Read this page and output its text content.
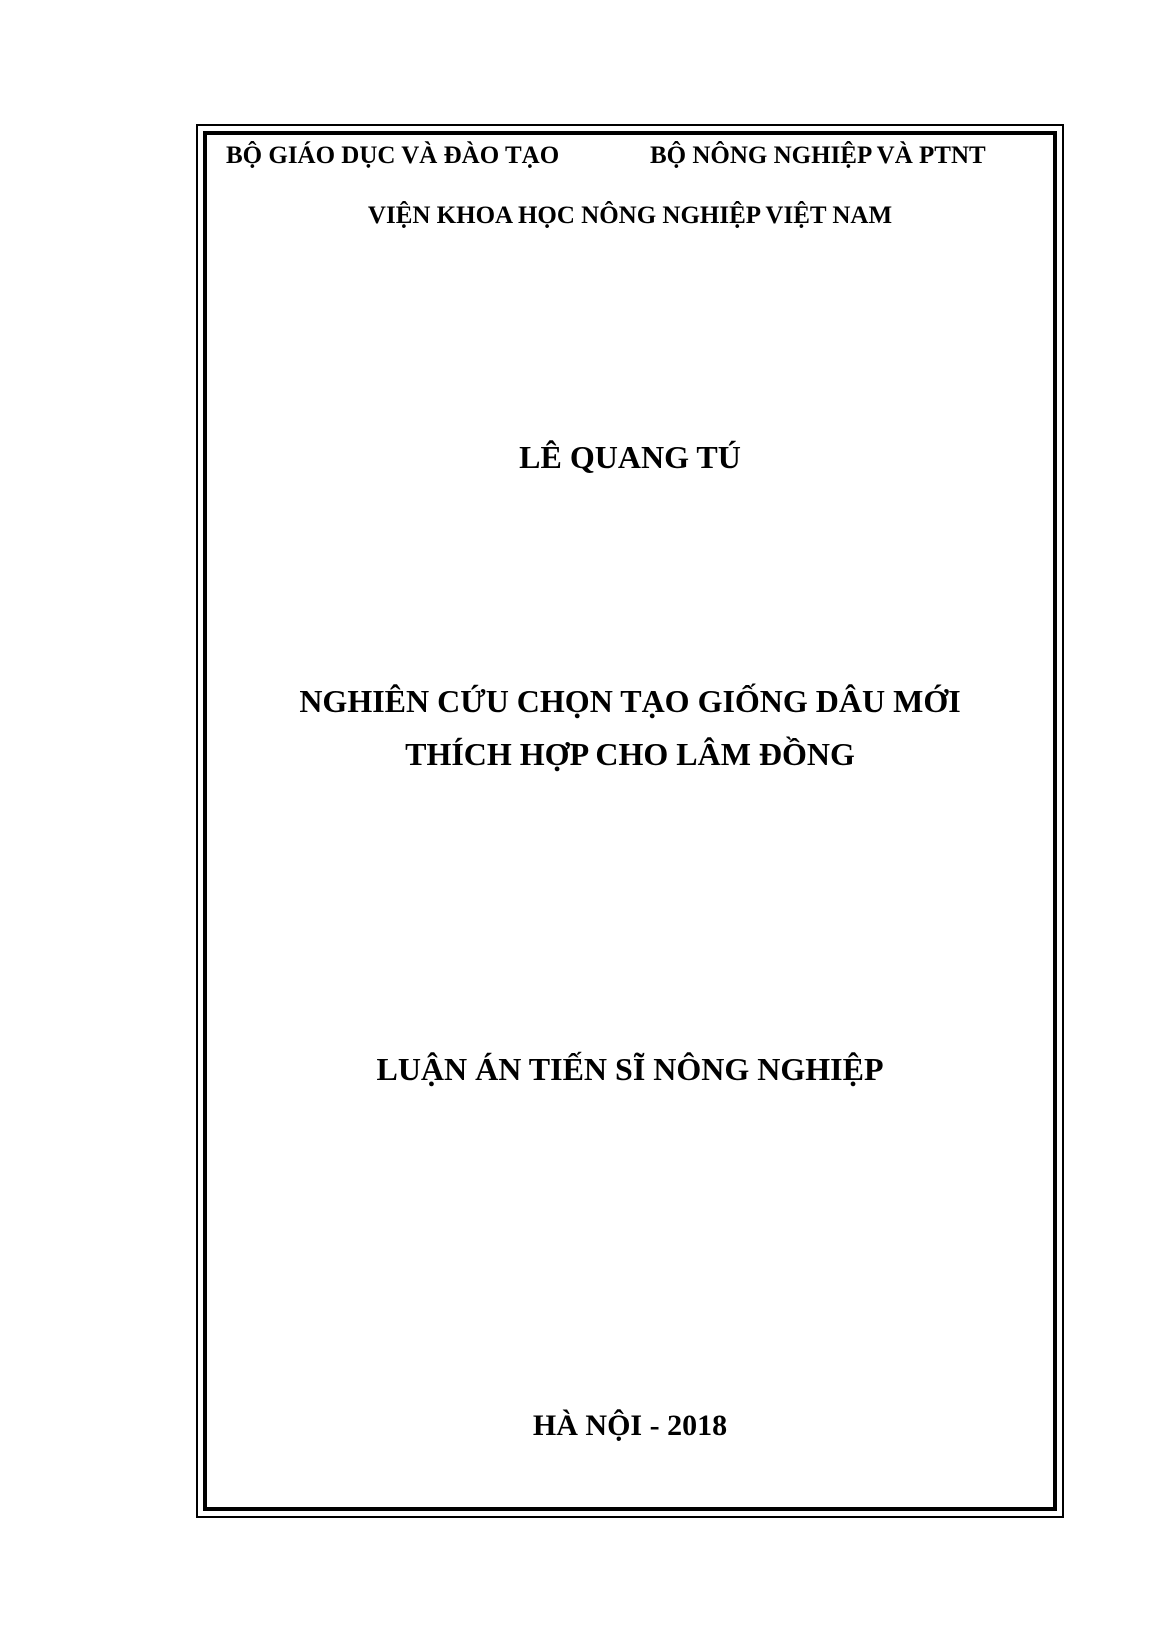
BỘ GIÁO DỤC VÀ ĐÀO TẠO	BỘ NÔNG NGHIỆP VÀ PTNT
VIỆN KHOA HỌC NÔNG NGHIỆP VIỆT NAM
LÊ QUANG TÚ
NGHIÊN CỨU CHỌN TẠO GIỐNG DÂU MỚI
THÍCH HỢP CHO LÂM ĐỒNG
LUẬN ÁN TIẾN SĨ NÔNG NGHIỆP
HÀ NỘI - 2018
